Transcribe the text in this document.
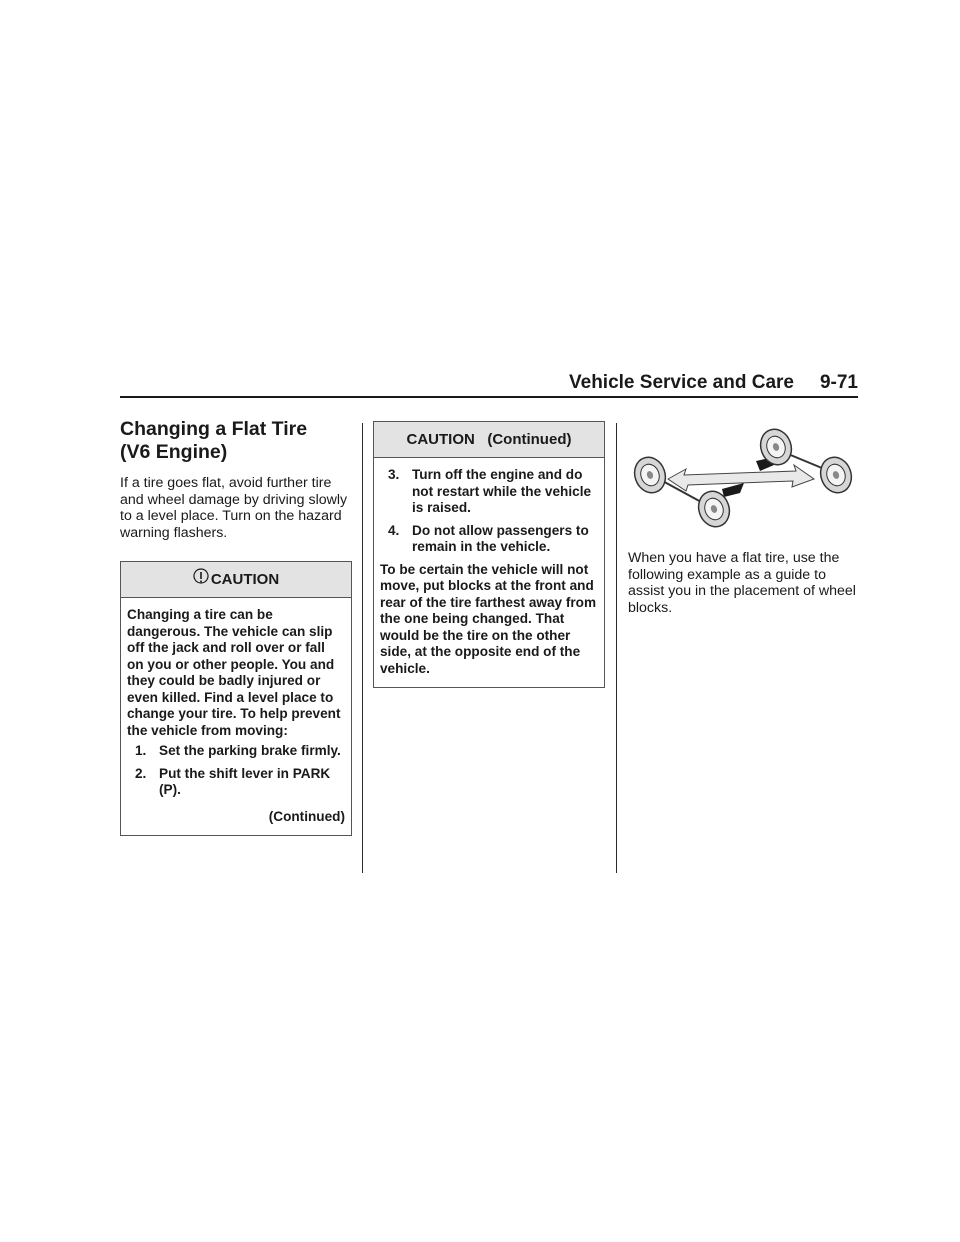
Vehicle Service and Care 9-71
Changing a Flat Tire
(V6 Engine)

If a tire goes flat, avoid further tire and wheel damage by driving slowly to a level place. Turn on the hazard warning flashers.

CAUTION

Changing a tire can be dangerous. The vehicle can slip off the jack and roll over or fall on you or other people. You and they could be badly injured or even killed. Find a level place to change your tire. To help prevent the vehicle from moving:

1. Set the parking brake firmly.
2. Put the shift lever in PARK (P).
(Continued)
CAUTION   (Continued)
3. Turn off the engine and do not restart while the vehicle is raised.
4. Do not allow passengers to remain in the vehicle.

To be certain the vehicle will not move, put blocks at the front and rear of the tire farthest away from the one being changed. That would be the tire on the other side, at the opposite end of the vehicle.

When you have a flat tire, use the following example as a guide to assist you in the placement of wheel blocks.
